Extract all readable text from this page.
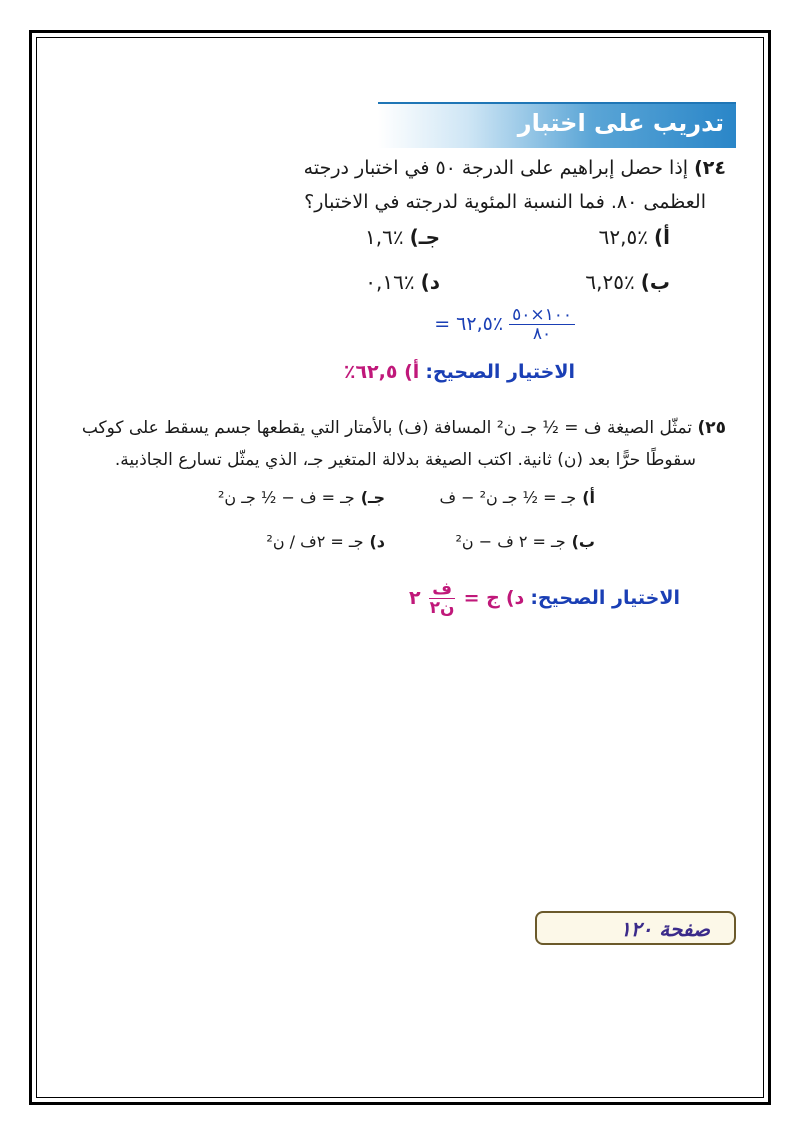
تدريب على اختبار
٢٤) إذا حصل إبراهيم على الدرجة ٥٠ في اختبار درجته
العظمى ٨٠. فما النسبة المئوية لدرجته في الاختبار؟
أ)٪٦٢,٥
جـ)٪١,٦
ب)٪٦,٢٥
د)٪٠,١٦
$\frac{١٠٠\times ٥٠}{٨٠}$
٪٦٢,٥ =
الاختيار الصحيح: أ) ٦٢,٥٪
٢٥) تمثّل الصيغة ف = ½ جـ ن² المسافة (ف) بالأمتار التي يقطعها جسم يسقط على كوكب
سقوطًا حرًّا بعد (ن) ثانية. اكتب الصيغة بدلالة المتغير جـ، الذي يمثّل تسارع الجاذبية.
أ)جـ = ½ جـ ن² − ف
جـ)جـ = ف − ½ جـ ن²
ب)جـ = ٢ ف − ن²
د)جـ = ٢ف / ن²
الاختيار الصحيح: د) ج =
$\frac{\text{ف}}{\text{ن٢}}$
٢
صفحة ١٢٠
